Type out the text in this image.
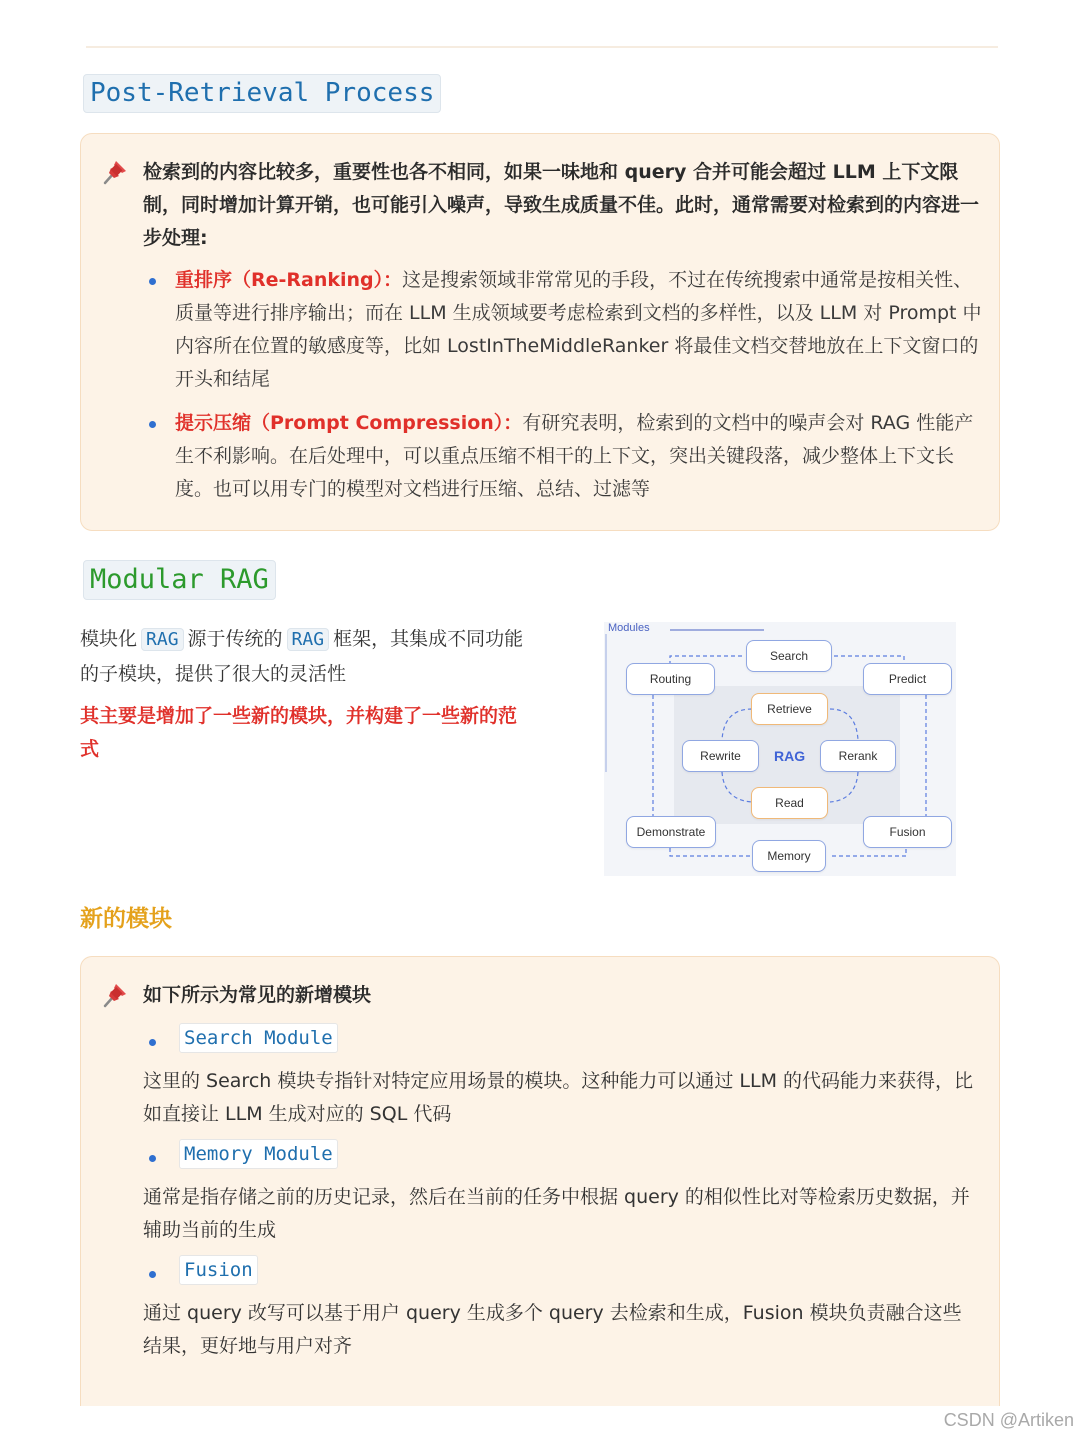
Post-Retrieval Process
检索到的内容比较多，重要性也各不相同，如果一味地和 query 合并可能会超过 LLM 上下文限制，同时增加计算开销，也可能引入噪声，导致生成质量不佳。此时，通常需要对检索到的内容进一步处理:
重排序（Re-Ranking）：这是搜索领域非常常见的手段，不过在传统搜索中通常是按相关性、质量等进行排序输出；而在 LLM 生成领域要考虑检索到文档的多样性，以及 LLM 对 Prompt 中内容所在位置的敏感度等，比如 LostInTheMiddleRanker 将最佳文档交替地放在上下文窗口的开头和结尾
提示压缩（Prompt Compression）：有研究表明，检索到的文档中的噪声会对 RAG 性能产生不利影响。在后处理中，可以重点压缩不相干的上下文，突出关键段落，减少整体上下文长度。也可以用专门的模型对文档进行压缩、总结、过滤等
Modular RAG
模块化 RAG 源于传统的 RAG 框架，其集成不同功能的子模块，提供了很大的灵活性
其主要是增加了一些新的模块，并构建了一些新的范式
Modules
Search
Routing	Predict
Retrieve
Rewrite	RAG	Rerank
Read
Demonstrate	Fusion
Memory
新的模块
如下所示为常见的新增模块
Search Module
这里的 Search 模块专指针对特定应用场景的模块。这种能力可以通过 LLM 的代码能力来获得，比如直接让 LLM 生成对应的 SQL 代码
Memory Module
通常是指存储之前的历史记录，然后在当前的任务中根据 query 的相似性比对等检索历史数据，并辅助当前的生成
Fusion
通过 query 改写可以基于用户 query 生成多个 query 去检索和生成，Fusion 模块负责融合这些结果，更好地与用户对齐
CSDN @Artiken
